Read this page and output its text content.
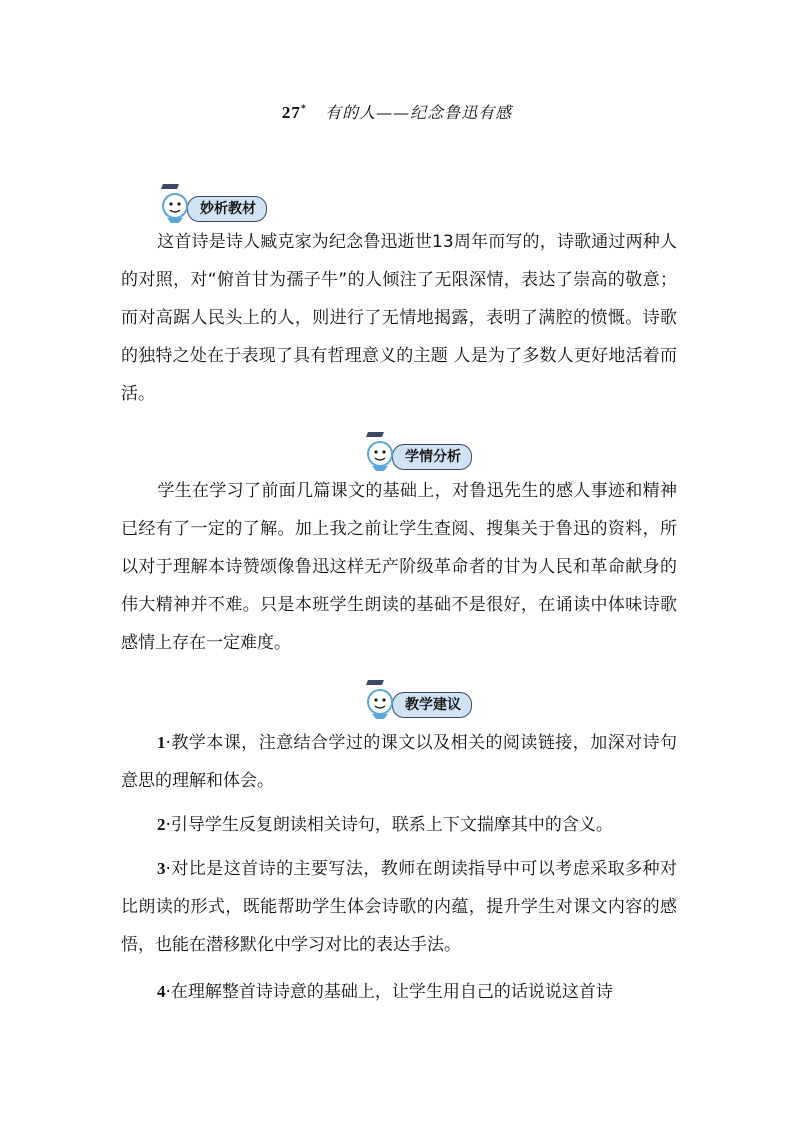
27* 有的人——纪念鲁迅有感
妙析教材

这首诗是诗人臧克家为纪念鲁迅逝世13周年而写的，诗歌通过两种人的对照，对“俯首甘为孺子牛”的人倾注了无限深情，表达了崇高的敬意；而对高踞人民头上的人，则进行了无情地揭露，表明了满腔的愤慨。诗歌的独特之处在于表现了具有哲理意义的主题 人是为了多数人更好地活着而活。

学情分析

学生在学习了前面几篇课文的基础上，对鲁迅先生的感人事迹和精神已经有了一定的了解。加上我之前让学生查阅、搜集关于鲁迅的资料，所以对于理解本诗赞颂像鲁迅这样无产阶级革命者的甘为人民和革命献身的伟大精神并不难。只是本班学生朗读的基础不是很好，在诵读中体味诗歌感情上存在一定难度。

教学建议

1·教学本课，注意结合学过的课文以及相关的阅读链接，加深对诗句意思的理解和体会。

2·引导学生反复朗读相关诗句，联系上下文揣摩其中的含义。

3·对比是这首诗的主要写法，教师在朗读指导中可以考虑采取多种对比朗读的形式，既能帮助学生体会诗歌的内蕴，提升学生对课文内容的感悟，也能在潜移默化中学习对比的表达手法。

4·在理解整首诗诗意的基础上，让学生用自己的话说说这首诗
